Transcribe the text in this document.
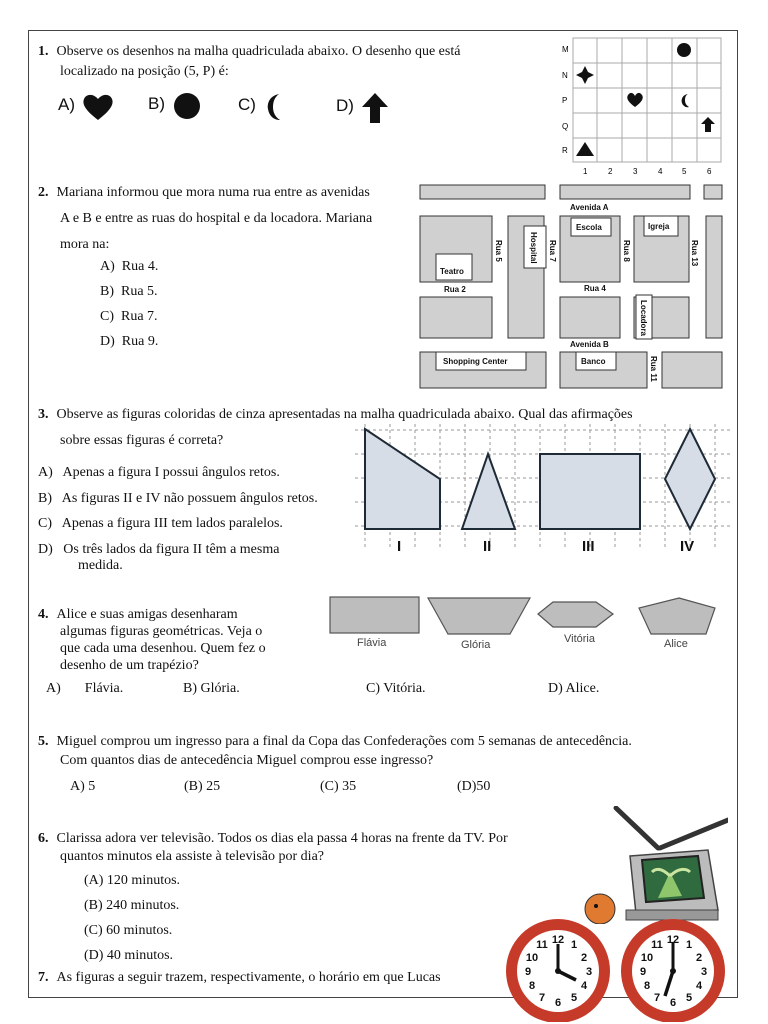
1. Observe os desenhos na malha quadriculada abaixo. O desenho que está
localizado na posição (5, P) é:
A)	B)	C)	D)
M
N
P
Q
R
1	2	3	4 5	6
2. Mariana informou que mora numa rua entre as avenidas
A e B e entre as ruas do hospital e da locadora. Mariana
mora na:
A) Rua 4.
B) Rua 5.
C) Rua 7.
D) Rua 9.
Avenida A
Avenida B
Escola	Igreja
Teatro
Rua 2	Rua 4
Shopping Center	Banco
Hospital
Rua 5	Rua 7	Rua 8	Rua 13
Locadora
Rua 11
3. Observe as figuras coloridas de cinza apresentadas na malha quadriculada abaixo. Qual das afirmações
sobre essas figuras é correta?
A) Apenas a figura I possui ângulos retos.
B) As figuras II e IV não possuem ângulos retos.
C) Apenas a figura III tem lados paralelos.
D) Os três lados da figura II têm a mesma
medida.
I	II	III	IV
4. Alice e suas amigas desenharam
algumas figuras geométricas. Veja o
que cada uma desenhou. Quem fez o
desenho de um trapézio?
Flávia	Glória	Vitória	Alice
A) Flávia.	B) Glória.	C) Vitória.	D) Alice.
5. Miguel comprou um ingresso para a final da Copa das Confederações com 5 semanas de antecedência.
Com quantos dias de antecedência Miguel comprou esse ingresso?
A) 5	(B) 25	(C) 35	(D)50
6. Clarissa adora ver televisão. Todos os dias ela passa 4 horas na frente da TV. Por
quantos minutos ela assiste à televisão por dia?
(A) 120 minutos.
(B) 240 minutos.
(C) 60 minutos.
(D) 40 minutos.
12 1
2
3
4
5
6
7
8
9
10
11	12 1
2
3
4
5
6
7
8
9
10
11
7. As figuras a seguir trazem, respectivamente, o horário em que Lucas
